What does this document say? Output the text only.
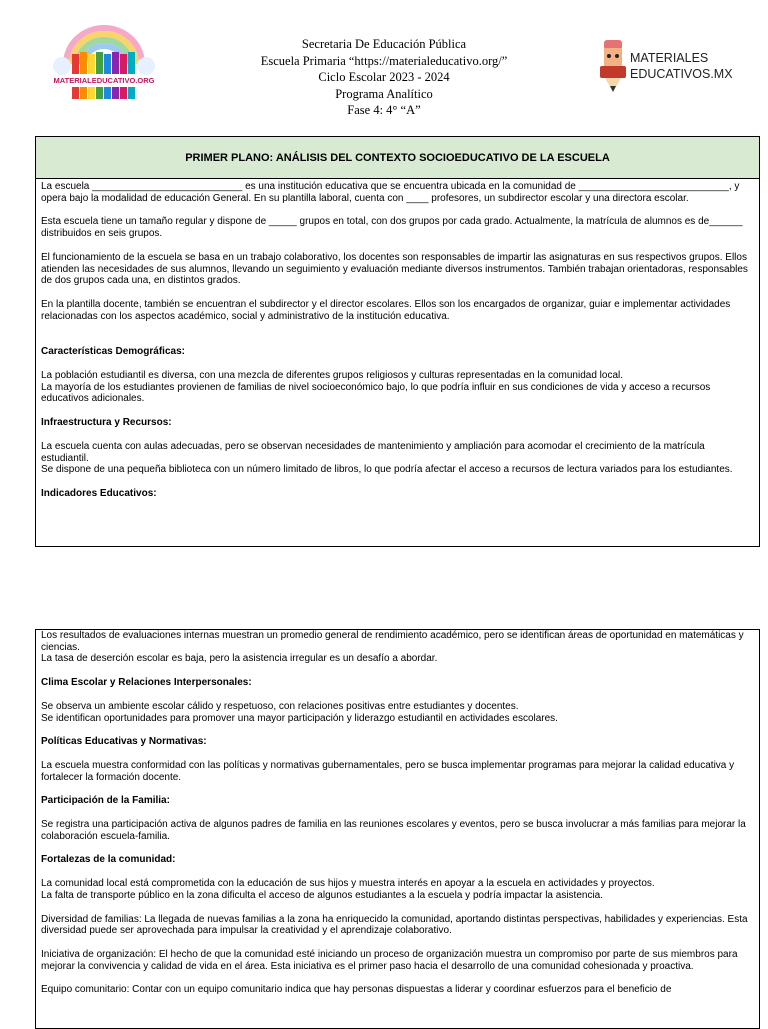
MATERIALEDUCATIVO.ORG
MATERIALES
EDUCATIVOS.MX
Secretaria De Educación Pública
Escuela Primaria “https://materialeducativo.org/”
Ciclo Escolar 2023 - 2024
Programa Analítico
Fase 4: 4° “A”
PRIMER PLANO: ANÁLISIS DEL CONTEXTO SOCIOEDUCATIVO DE LA ESCUELA

La escuela ___________________________ es una institución educativa que se encuentra ubicada en la comunidad de ___________________________, y opera bajo la modalidad de educación General. En su plantilla laboral, cuenta con ____ profesores, un subdirector escolar y una directora escolar.

Esta escuela tiene un tamaño regular y dispone de _____ grupos en total, con dos grupos por cada grado. Actualmente, la matrícula de alumnos es de______ distribuidos en seis grupos.

El funcionamiento de la escuela se basa en un trabajo colaborativo, los docentes son responsables de impartir las asignaturas en sus respectivos grupos. Ellos atienden las necesidades de sus alumnos, llevando un seguimiento y evaluación mediante diversos instrumentos. También trabajan orientadoras, responsables de dos grupos cada una, en distintos grados.

En la plantilla docente, también se encuentran el subdirector y el director escolares. Ellos son los encargados de organizar, guiar e implementar actividades relacionadas con los aspectos académico, social y administrativo de la institución educativa.

Características Demográficas:

La población estudiantil es diversa, con una mezcla de diferentes grupos religiosos y culturas representadas en la comunidad local.
La mayoría de los estudiantes provienen de familias de nivel socioeconómico bajo, lo que podría influir en sus condiciones de vida y acceso a recursos educativos adicionales.

Infraestructura y Recursos:

La escuela cuenta con aulas adecuadas, pero se observan necesidades de mantenimiento y ampliación para acomodar el crecimiento de la matrícula estudiantil.
Se dispone de una pequeña biblioteca con un número limitado de libros, lo que podría afectar el acceso a recursos de lectura variados para los estudiantes.

Indicadores Educativos:

Los resultados de evaluaciones internas muestran un promedio general de rendimiento académico, pero se identifican áreas de oportunidad en matemáticas y ciencias.
La tasa de deserción escolar es baja, pero la asistencia irregular es un desafío a abordar.

Clima Escolar y Relaciones Interpersonales:

Se observa un ambiente escolar cálido y respetuoso, con relaciones positivas entre estudiantes y docentes.
Se identifican oportunidades para promover una mayor participación y liderazgo estudiantil en actividades escolares.

Políticas Educativas y Normativas:

La escuela muestra conformidad con las políticas y normativas gubernamentales, pero se busca implementar programas para mejorar la calidad educativa y fortalecer la formación docente.

Participación de la Familia:

Se registra una participación activa de algunos padres de familia en las reuniones escolares y eventos, pero se busca involucrar a más familias para mejorar la colaboración escuela-familia.

Fortalezas de la comunidad:

La comunidad local está comprometida con la educación de sus hijos y muestra interés en apoyar a la escuela en actividades y proyectos.
La falta de transporte público en la zona dificulta el acceso de algunos estudiantes a la escuela y podría impactar la asistencia.

Diversidad de familias: La llegada de nuevas familias a la zona ha enriquecido la comunidad, aportando distintas perspectivas, habilidades y experiencias. Esta diversidad puede ser aprovechada para impulsar la creatividad y el aprendizaje colaborativo.

Iniciativa de organización: El hecho de que la comunidad esté iniciando un proceso de organización muestra un compromiso por parte de sus miembros para mejorar la convivencia y calidad de vida en el área. Esta iniciativa es el primer paso hacia el desarrollo de una comunidad cohesionada y proactiva.

Equipo comunitario: Contar con un equipo comunitario indica que hay personas dispuestas a liderar y coordinar esfuerzos para el beneficio de
